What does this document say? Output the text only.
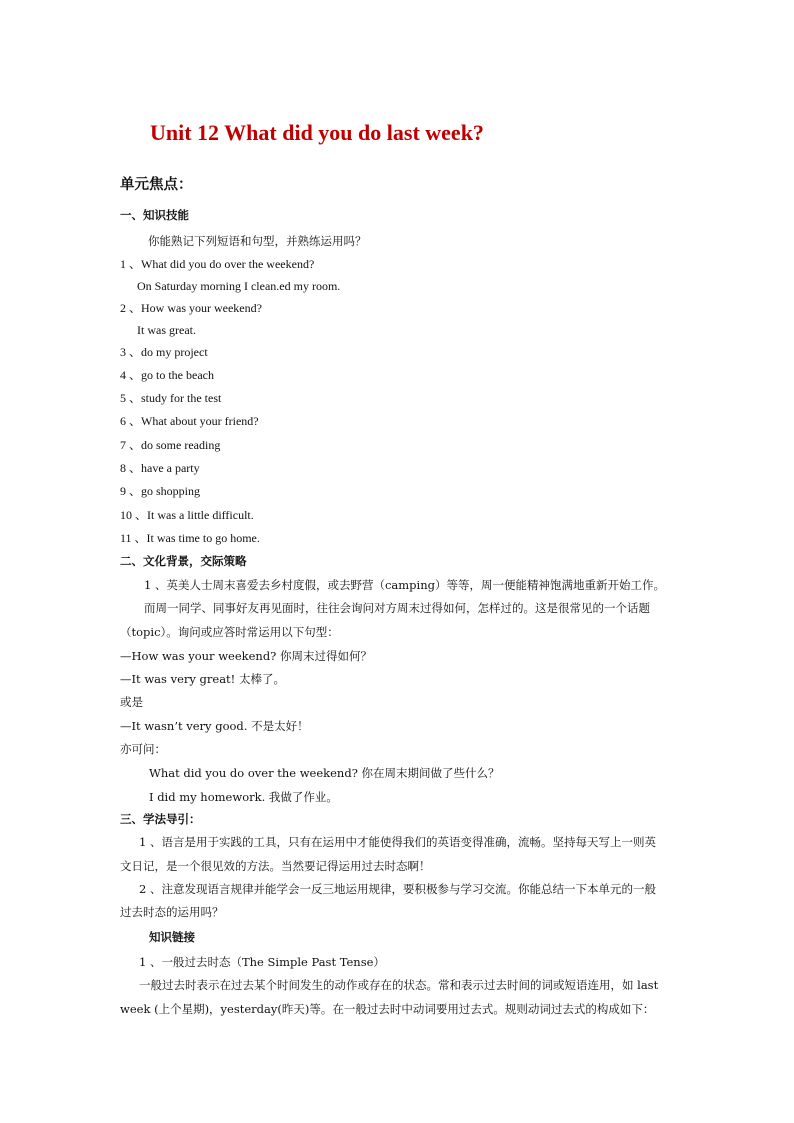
Unit 12 What did you do last week?
单元焦点：
一、知识技能
你能熟记下列短语和句型，并熟练运用吗？
1 、What did you do over the weekend?
On Saturday morning I clean.ed my room.
2 、How was your weekend?
It was great.
3 、do my project
4 、go to the beach
5 、study for the test
6 、What about your friend?
7 、do some reading
8 、have a party
9 、go shopping
10 、It was a little difficult.
11 、It was time to go home.
二、文化背景，交际策略
1 、英美人士周末喜爱去乡村度假，或去野营（camping）等等，周一便能精神饱满地重新开始工作。
而周一同学、同事好友再见面时，往往会询问对方周末过得如何，怎样过的。这是很常见的一个话题
（topic）。询问或应答时常运用以下句型：
—How was your weekend? 你周末过得如何？
—It was very great! 太棒了。
或是
—It wasn’t very good. 不是太好！
亦可问：
What did you do over the weekend? 你在周末期间做了些什么？
I did my homework. 我做了作业。
三、学法导引：
1 、语言是用于实践的工具，只有在运用中才能使得我们的英语变得准确，流畅。坚持每天写上一则英
文日记，是一个很见效的方法。当然要记得运用过去时态啊！
2 、注意发现语言规律并能学会一反三地运用规律，要积极参与学习交流。你能总结一下本单元的一般
过去时态的运用吗？
知识链接
1 、一般过去时态（The Simple Past Tense）
一般过去时表示在过去某个时间发生的动作或存在的状态。常和表示过去时间的词或短语连用，如 last
week (上个星期)，yesterday(昨天)等。在一般过去时中动词要用过去式。规则动词过去式的构成如下：
